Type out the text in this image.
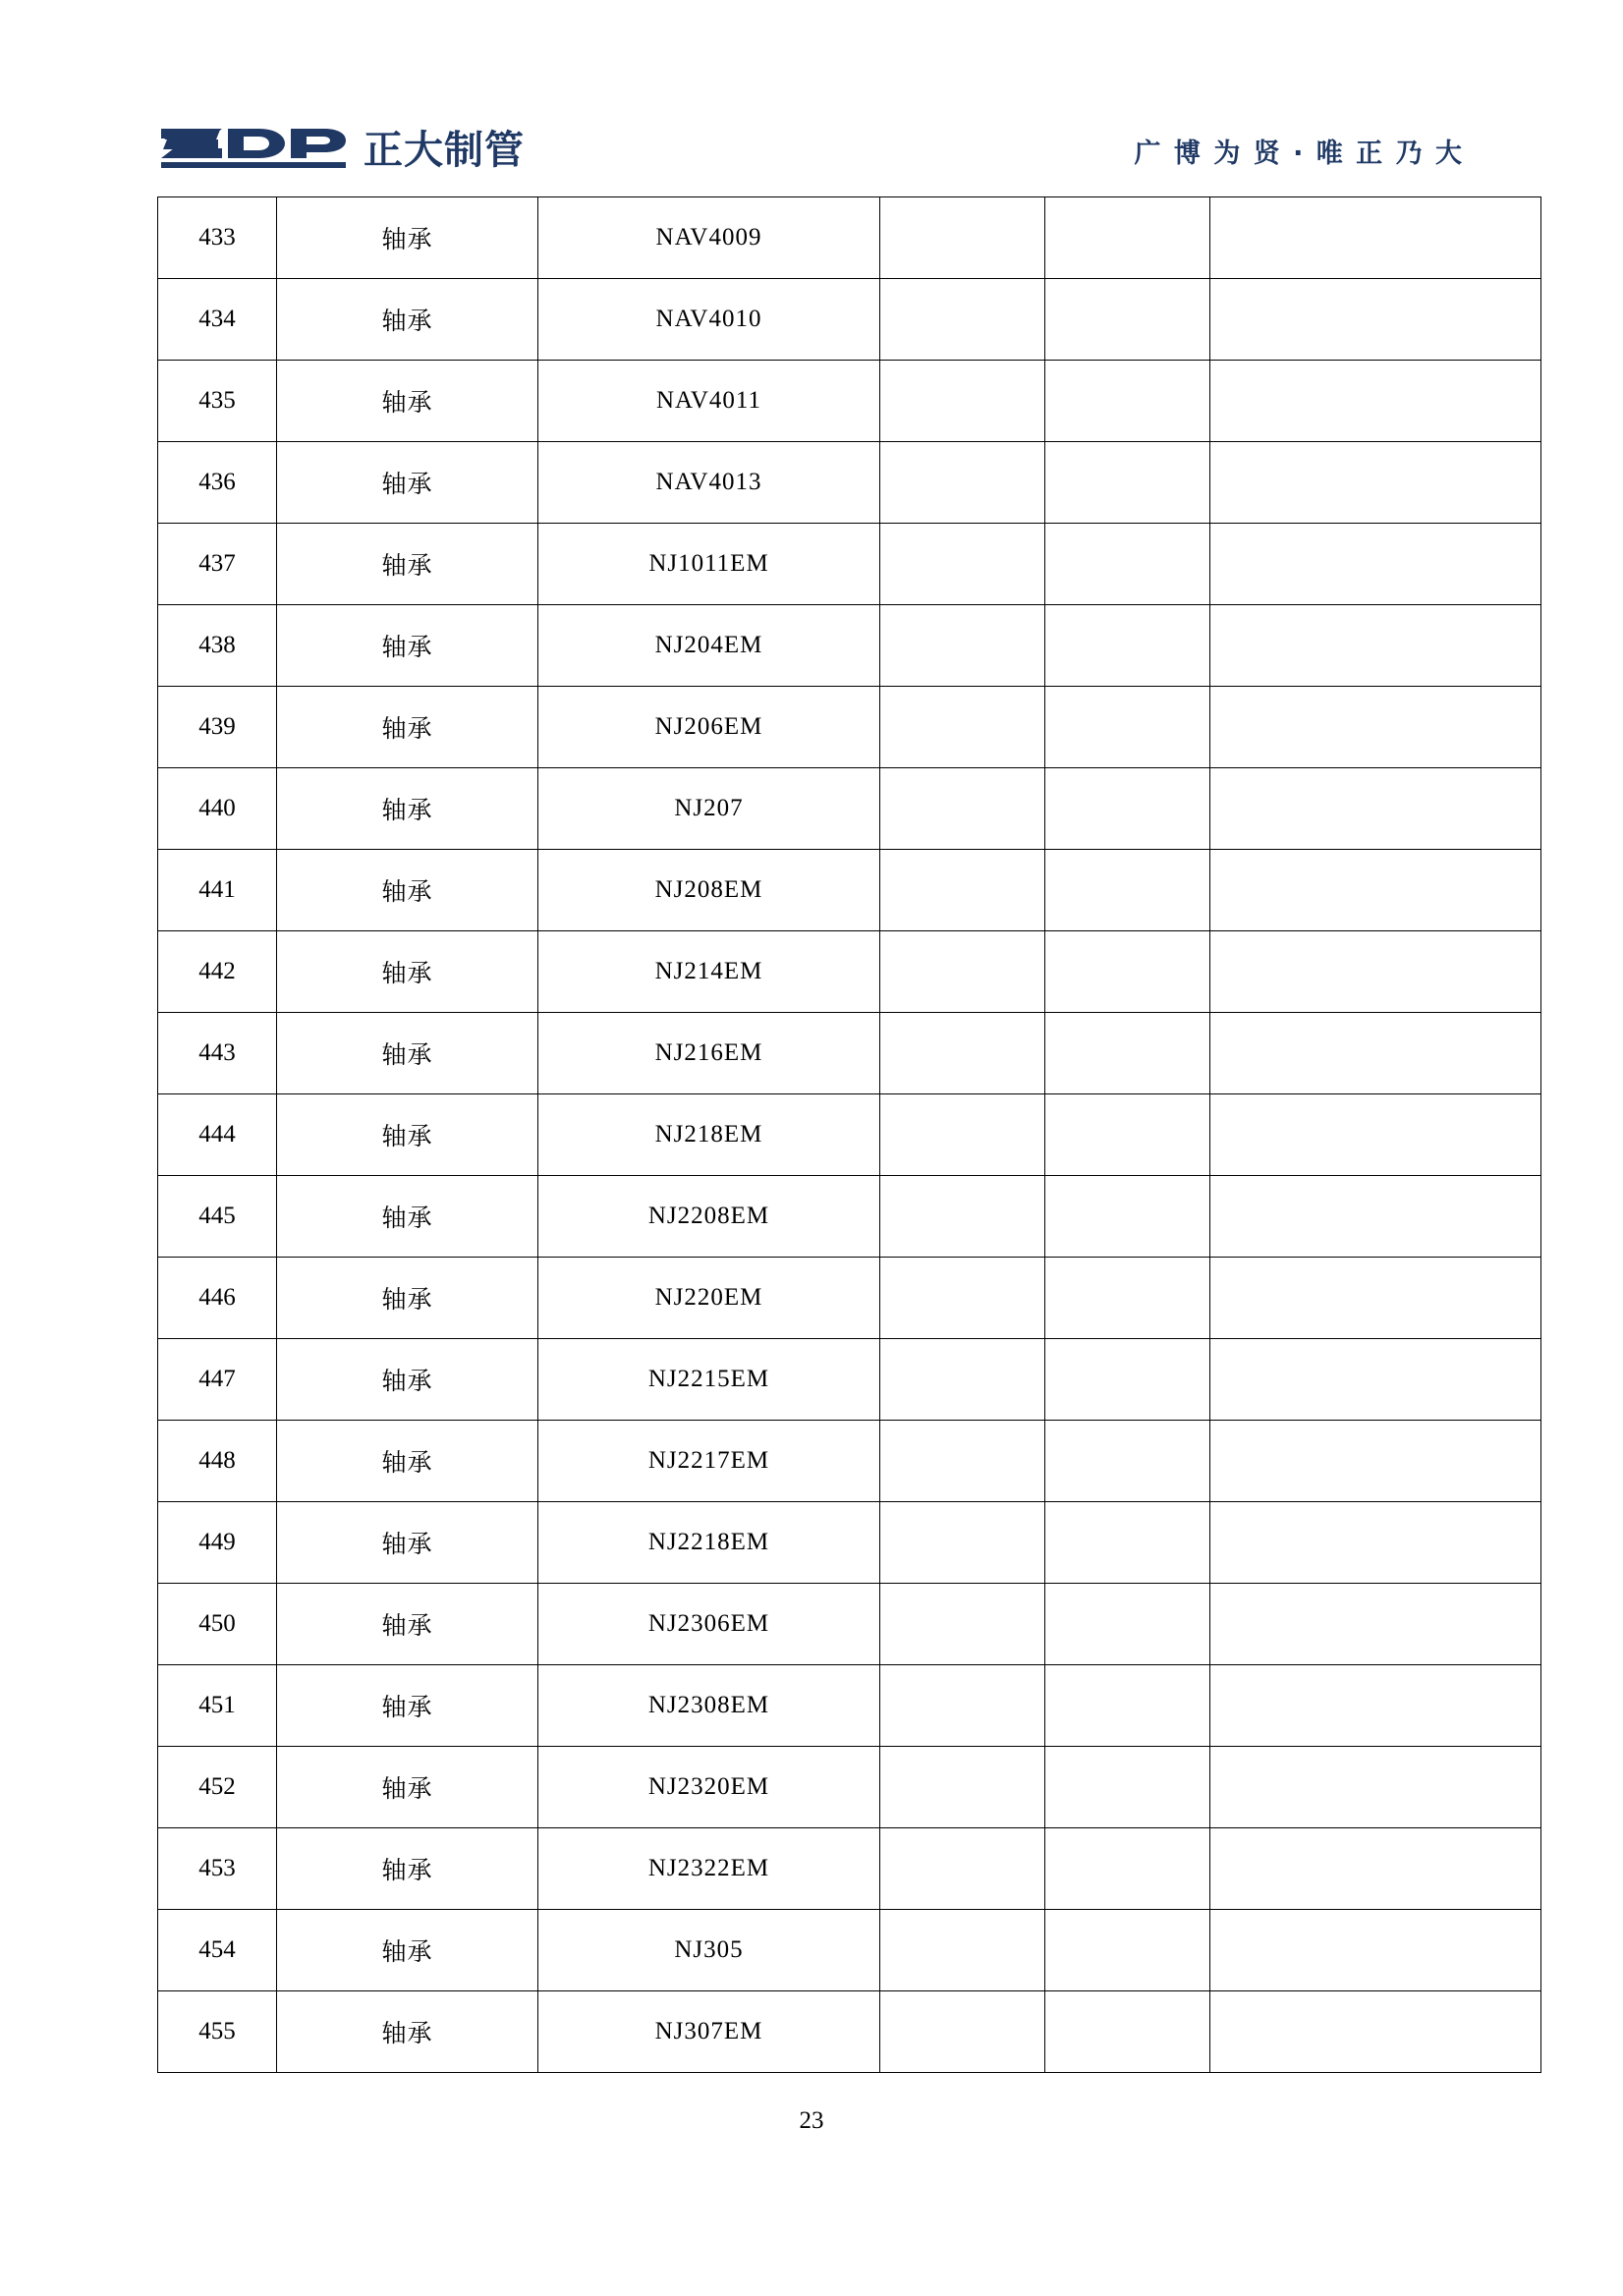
正大制管	广 博 为 贤 · 唯 正 乃 大
433	轴承	NAV4009			
434	轴承	NAV4010			
435	轴承	NAV4011			
436	轴承	NAV4013			
437	轴承	NJ1011EM			
438	轴承	NJ204EM			
439	轴承	NJ206EM			
440	轴承	NJ207			
441	轴承	NJ208EM			
442	轴承	NJ214EM			
443	轴承	NJ216EM			
444	轴承	NJ218EM			
445	轴承	NJ2208EM			
446	轴承	NJ220EM			
447	轴承	NJ2215EM			
448	轴承	NJ2217EM			
449	轴承	NJ2218EM			
450	轴承	NJ2306EM			
451	轴承	NJ2308EM			
452	轴承	NJ2320EM			
453	轴承	NJ2322EM			
454	轴承	NJ305			
455	轴承	NJ307EM			
23
